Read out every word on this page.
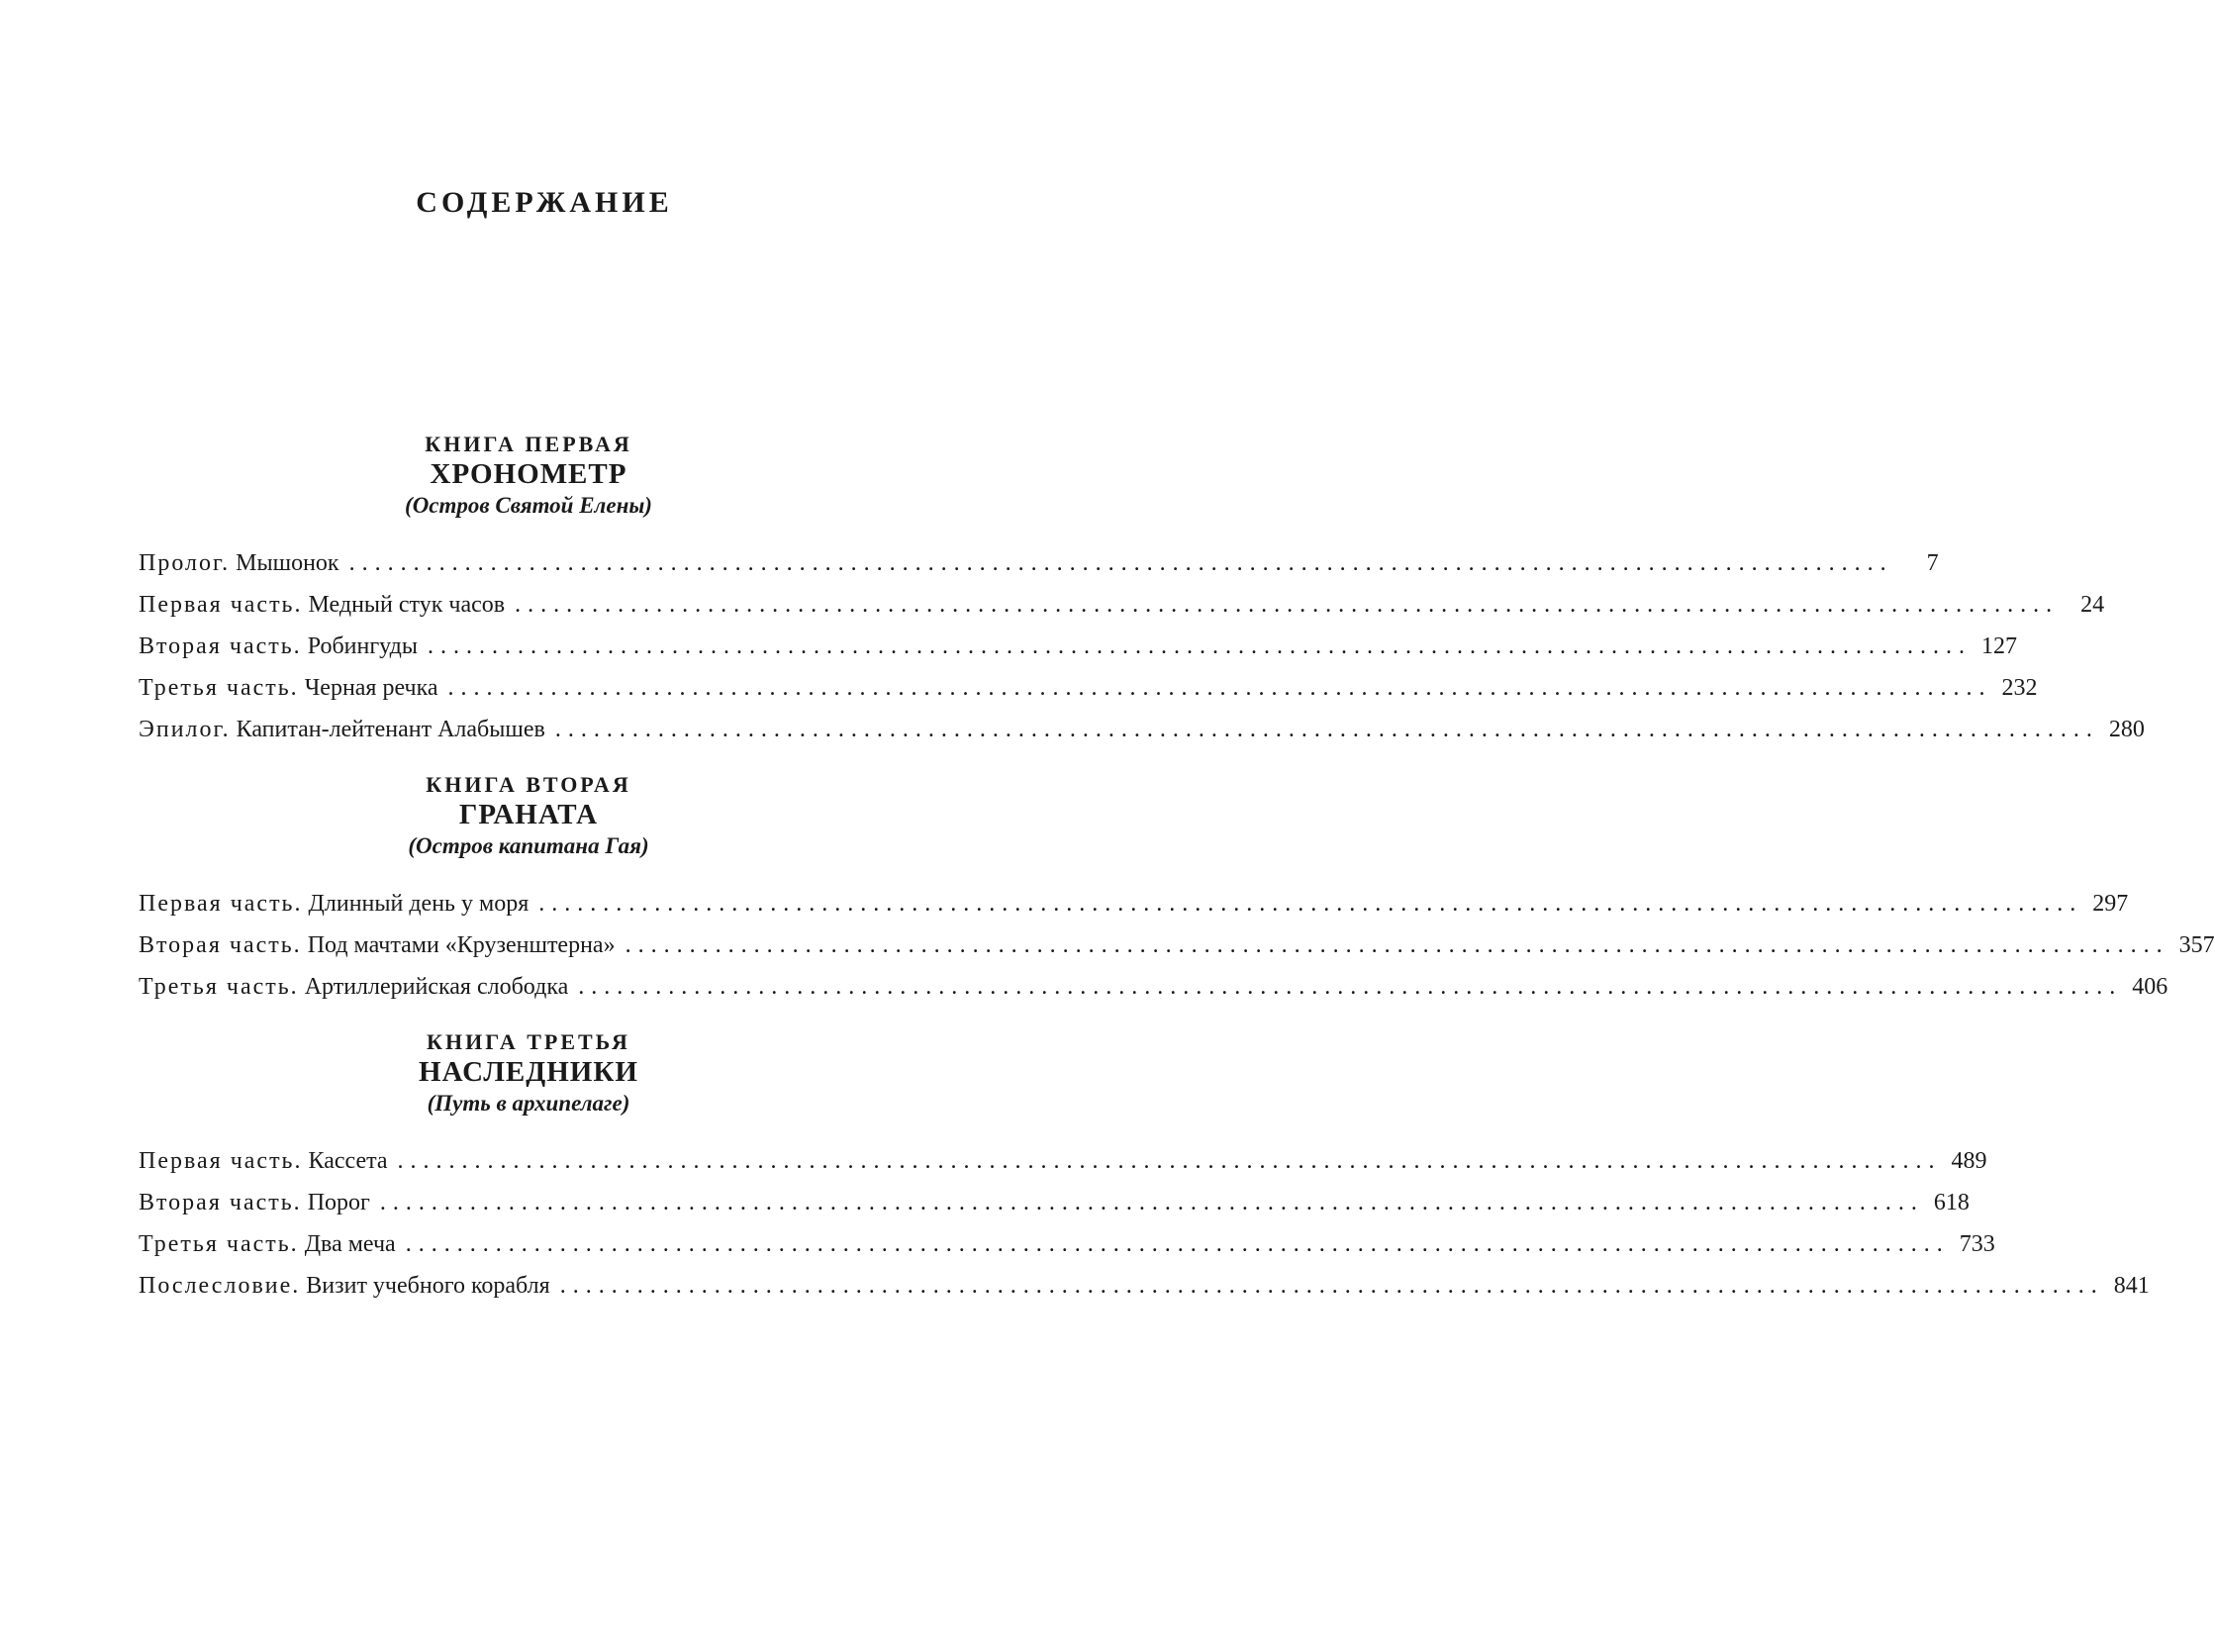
СОДЕРЖАНИЕ
КНИГА ПЕРВАЯ
ХРОНОМЕТР
(Остров Святой Елены)
Пролог. Мышонок ........................................................................................................................	7
Первая часть. Медный стук часов ........................................................................................................................ 24
Вторая часть. Робингуды ........................................................................................................................ 127
Третья часть. Черная речка ........................................................................................................................ 232
Эпилог. Капитан-лейтенант Алабышев ........................................................................................................................ 280
КНИГА ВТОРАЯ
ГРАНАТА
(Остров капитана Гая)
Первая часть. Длинный день у моря ........................................................................................................................ 297
Вторая часть. Под мачтами «Крузенштерна» ........................................................................................................................ 357
Третья часть. Артиллерийская слободка ........................................................................................................................ 406
КНИГА ТРЕТЬЯ
НАСЛЕДНИКИ
(Путь в архипелаге)
Первая часть. Кассета ........................................................................................................................ 489
Вторая часть. Порог ........................................................................................................................ 618
Третья часть. Два меча ........................................................................................................................ 733
Послесловие. Визит учебного корабля ........................................................................................................................ 841
